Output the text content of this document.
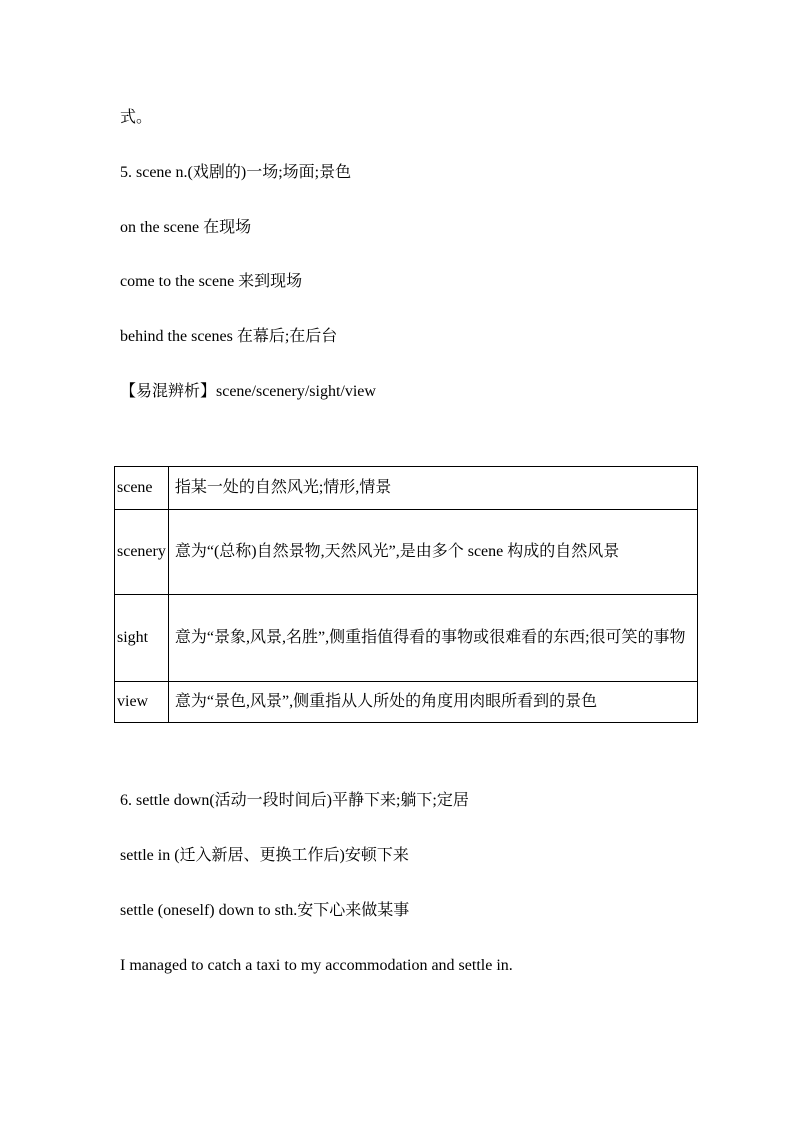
式。
5. scene n.(戏剧的)一场;场面;景色
on the scene 在现场
come to the scene 来到现场
behind the scenes 在幕后;在后台
【易混辨析】scene/scenery/sight/view
scene	指某一处的自然风光;情形,情景
scenery	意为“(总称)自然景物,天然风光”,是由多个 scene 构成的自然风景
sight	意为“景象,风景,名胜”,侧重指值得看的事物或很难看的东西;很可笑的事物
view	意为“景色,风景”,侧重指从人所处的角度用肉眼所看到的景色
6. settle down(活动一段时间后)平静下来;躺下;定居
settle in (迁入新居、更换工作后)安顿下来
settle (oneself) down to sth.安下心来做某事
I managed to catch a taxi to my accommodation and settle in.
